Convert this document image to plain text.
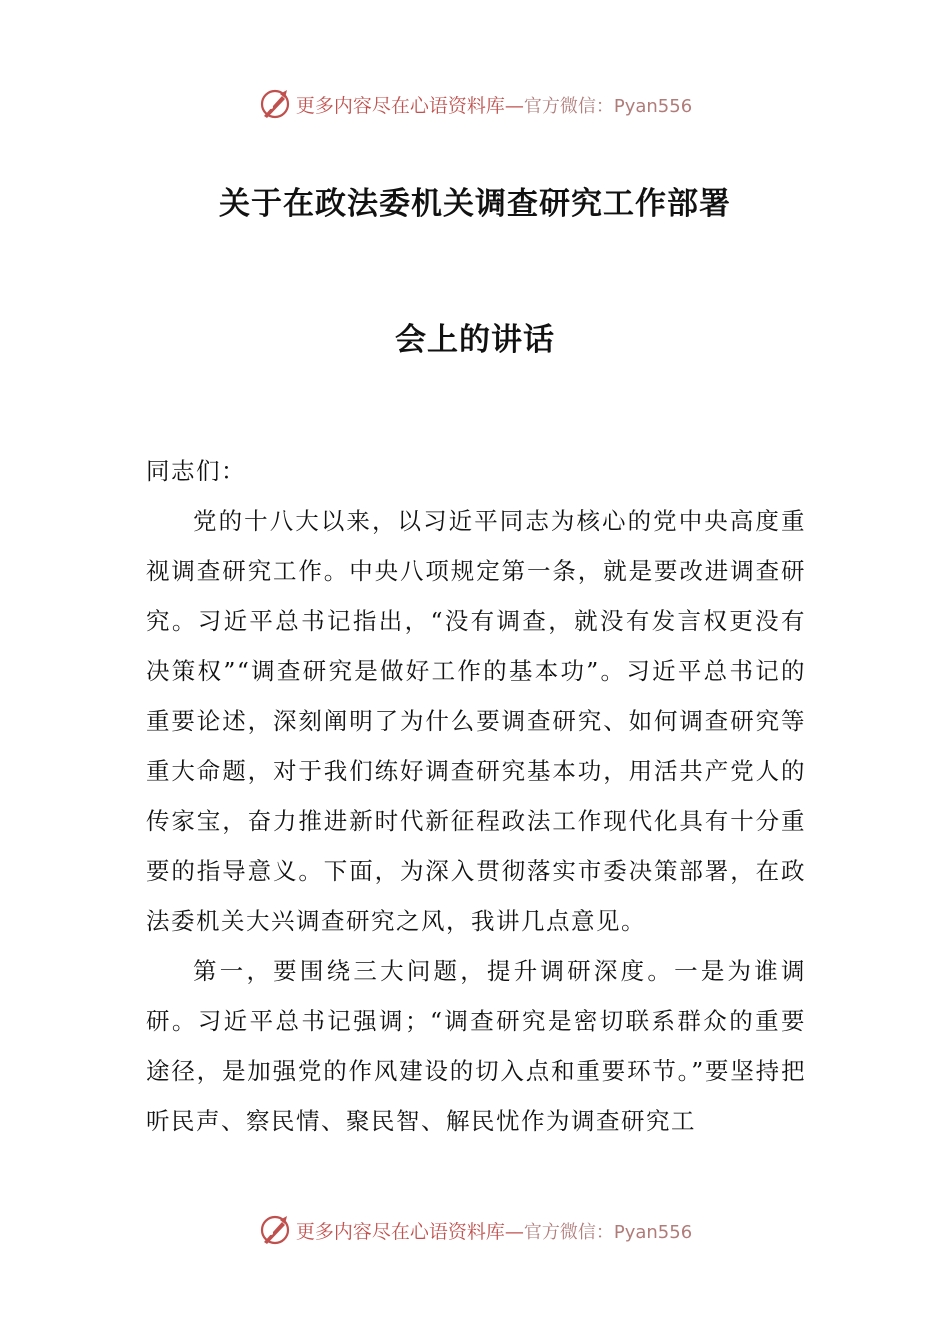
更多内容尽在心语资料库—官方微信：Pyan556
关于在政法委机关调查研究工作部署
会上的讲话

同志们：

党的十八大以来，以习近平同志为核心的党中央高度重视调查研究工作。中央八项规定第一条，就是要改进调查研究。习近平总书记指出，“没有调查，就没有发言权更没有决策权”“调查研究是做好工作的基本功”。习近平总书记的重要论述，深刻阐明了为什么要调查研究、如何调查研究等重大命题，对于我们练好调查研究基本功，用活共产党人的传家宝，奋力推进新时代新征程政法工作现代化具有十分重要的指导意义。下面，为深入贯彻落实市委决策部署，在政法委机关大兴调查研究之风，我讲几点意见。

第一，要围绕三大问题，提升调研深度。一是为谁调研。习近平总书记强调；“调查研究是密切联系群众的重要途径，是加强党的作风建设的切入点和重要环节。”要坚持把听民声、察民情、聚民智、解民忧作为调查研究工

更多内容尽在心语资料库—官方微信：Pyan556
